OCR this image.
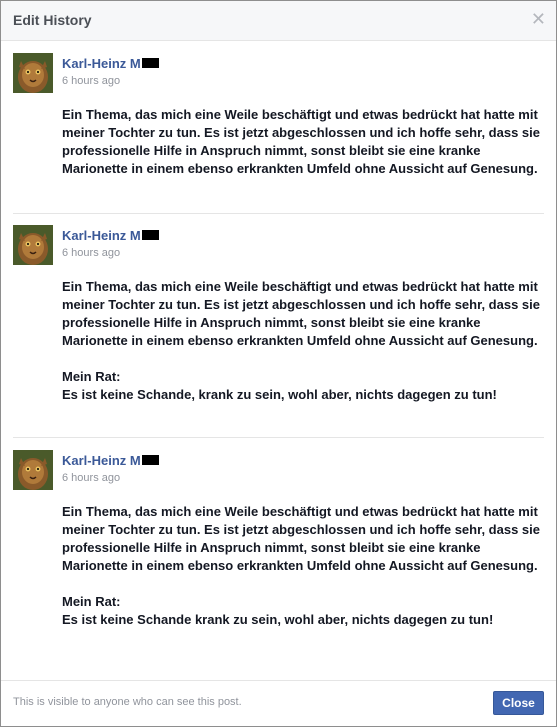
Edit History	✕
Karl-Heinz M
6 hours ago

Ein Thema, das mich eine Weile beschäftigt und etwas bedrückt hat hatte mit meiner Tochter zu tun. Es ist jetzt abgeschlossen und ich hoffe sehr, dass sie professionelle Hilfe in Anspruch nimmt, sonst bleibt sie eine kranke Marionette in einem ebenso erkrankten Umfeld ohne Aussicht auf Genesung.

Karl-Heinz M
6 hours ago

Ein Thema, das mich eine Weile beschäftigt und etwas bedrückt hat hatte mit meiner Tochter zu tun. Es ist jetzt abgeschlossen und ich hoffe sehr, dass sie professionelle Hilfe in Anspruch nimmt, sonst bleibt sie eine kranke Marionette in einem ebenso erkrankten Umfeld ohne Aussicht auf Genesung.

Mein Rat:

Es ist keine Schande, krank zu sein, wohl aber, nichts dagegen zu tun!

Karl-Heinz M
6 hours ago

Ein Thema, das mich eine Weile beschäftigt und etwas bedrückt hat hatte mit meiner Tochter zu tun. Es ist jetzt abgeschlossen und ich hoffe sehr, dass sie professionelle Hilfe in Anspruch nimmt, sonst bleibt sie eine kranke Marionette in einem ebenso erkrankten Umfeld ohne Aussicht auf Genesung.

Mein Rat:

Es ist keine Schande krank zu sein, wohl aber, nichts dagegen zu tun!

This is visible to anyone who can see this post.	Close
